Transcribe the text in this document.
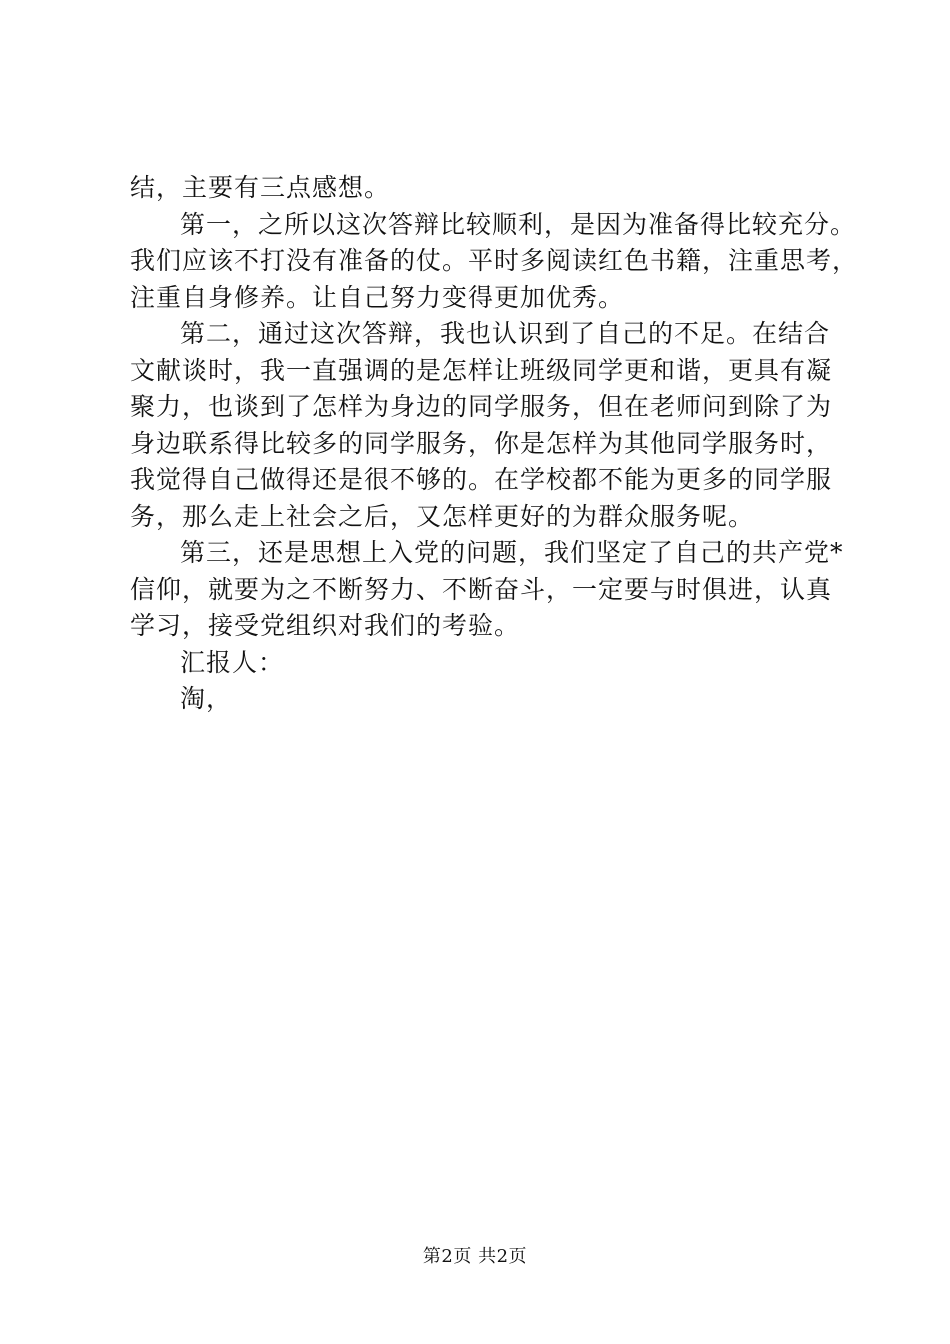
结，主要有三点感想。
第一，之所以这次答辩比较顺利，是因为准备得比较充分。
我们应该不打没有准备的仗。平时多阅读红色书籍，注重思考，
注重自身修养。让自己努力变得更加优秀。
第二，通过这次答辩，我也认识到了自己的不足。在结合
文献谈时，我一直强调的是怎样让班级同学更和谐，更具有凝
聚力，也谈到了怎样为身边的同学服务，但在老师问到除了为
身边联系得比较多的同学服务，你是怎样为其他同学服务时，
我觉得自己做得还是很不够的。在学校都不能为更多的同学服
务，那么走上社会之后，又怎样更好的为群众服务呢。
第三，还是思想上入党的问题，我们坚定了自己的共产党*
信仰，就要为之不断努力、不断奋斗，一定要与时俱进，认真
学习，接受党组织对我们的考验。
汇报人：
淘，
第2页 共2页
